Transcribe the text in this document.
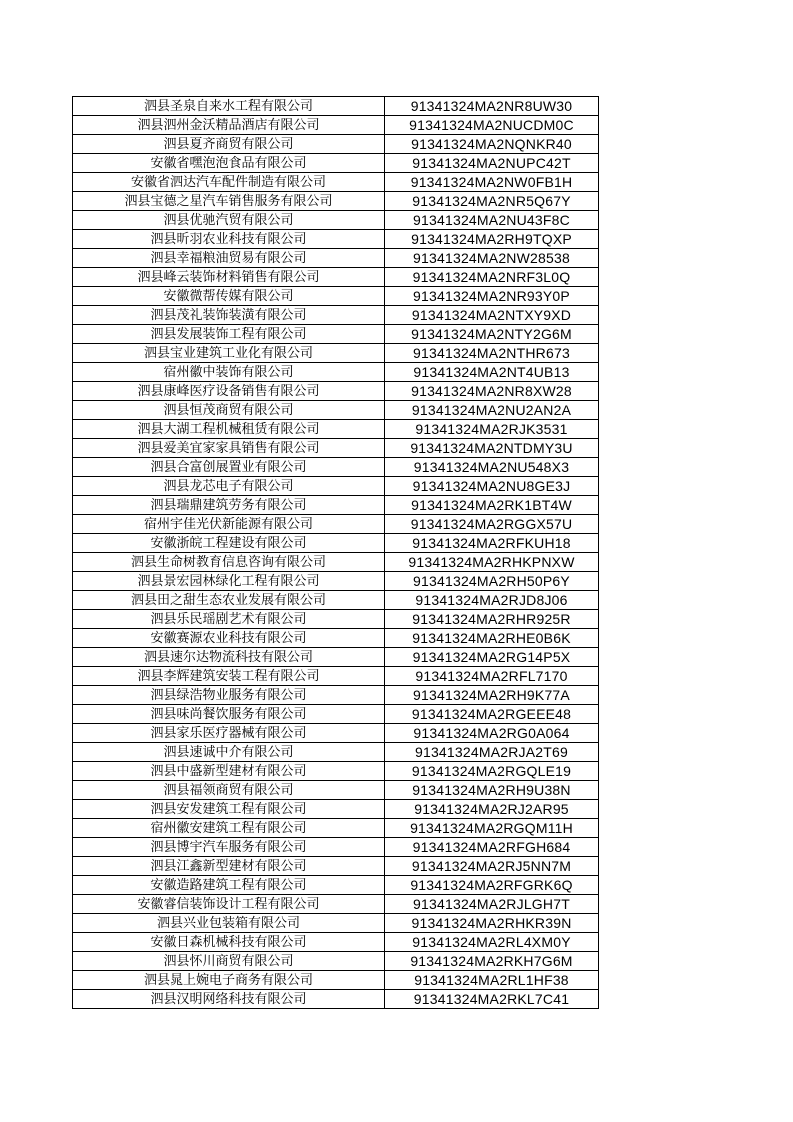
泗县圣泉自来水工程有限公司	91341324MA2NR8UW30
泗县泗州金沃精品酒店有限公司	91341324MA2NUCDM0C
泗县夏齐商贸有限公司	91341324MA2NQNKR40
安徽省嘿泡泡食品有限公司	91341324MA2NUPC42T
安徽省泗达汽车配件制造有限公司	91341324MA2NW0FB1H
泗县宝德之星汽车销售服务有限公司	91341324MA2NR5Q67Y
泗县优驰汽贸有限公司	91341324MA2NU43F8C
泗县昕羽农业科技有限公司	91341324MA2RH9TQXP
泗县幸福粮油贸易有限公司	91341324MA2NW28538
泗县峰云装饰材料销售有限公司	91341324MA2NRF3L0Q
安徽微帮传媒有限公司	91341324MA2NR93Y0P
泗县茂礼装饰装潢有限公司	91341324MA2NTXY9XD
泗县发展装饰工程有限公司	91341324MA2NTY2G6M
泗县宝业建筑工业化有限公司	91341324MA2NTHR673
宿州徽中装饰有限公司	91341324MA2NT4UB13
泗县康峰医疗设备销售有限公司	91341324MA2NR8XW28
泗县恒茂商贸有限公司	91341324MA2NU2AN2A
泗县大湖工程机械租赁有限公司	91341324MA2RJK3531
泗县爱美宜家家具销售有限公司	91341324MA2NTDMY3U
泗县合富创展置业有限公司	91341324MA2NU548X3
泗县龙芯电子有限公司	91341324MA2NU8GE3J
泗县瑞鼎建筑劳务有限公司	91341324MA2RK1BT4W
宿州宇佳光伏新能源有限公司	91341324MA2RGGX57U
安徽浙皖工程建设有限公司	91341324MA2RFKUH18
泗县生命树教育信息咨询有限公司	91341324MA2RHKPNXW
泗县景宏园林绿化工程有限公司	91341324MA2RH50P6Y
泗县田之甜生态农业发展有限公司	91341324MA2RJD8J06
泗县乐民瑶剧艺术有限公司	91341324MA2RHR925R
安徽赛源农业科技有限公司	91341324MA2RHE0B6K
泗县速尔达物流科技有限公司	91341324MA2RG14P5X
泗县李辉建筑安装工程有限公司	91341324MA2RFL7170
泗县绿浩物业服务有限公司	91341324MA2RH9K77A
泗县味尚餐饮服务有限公司	91341324MA2RGEEE48
泗县家乐医疗器械有限公司	91341324MA2RG0A064
泗县速诚中介有限公司	91341324MA2RJA2T69
泗县中盛新型建材有限公司	91341324MA2RGQLE19
泗县福领商贸有限公司	91341324MA2RH9U38N
泗县安发建筑工程有限公司	91341324MA2RJ2AR95
宿州徽安建筑工程有限公司	91341324MA2RGQM11H
泗县博宇汽车服务有限公司	91341324MA2RFGH684
泗县江鑫新型建材有限公司	91341324MA2RJ5NN7M
安徽造路建筑工程有限公司	91341324MA2RFGRK6Q
安徽睿信装饰设计工程有限公司	91341324MA2RJLGH7T
泗县兴业包装箱有限公司	91341324MA2RHKR39N
安徽日森机械科技有限公司	91341324MA2RL4XM0Y
泗县怀川商贸有限公司	91341324MA2RKH7G6M
泗县晁上婉电子商务有限公司	91341324MA2RL1HF38
泗县汉明网络科技有限公司	91341324MA2RKL7C41
